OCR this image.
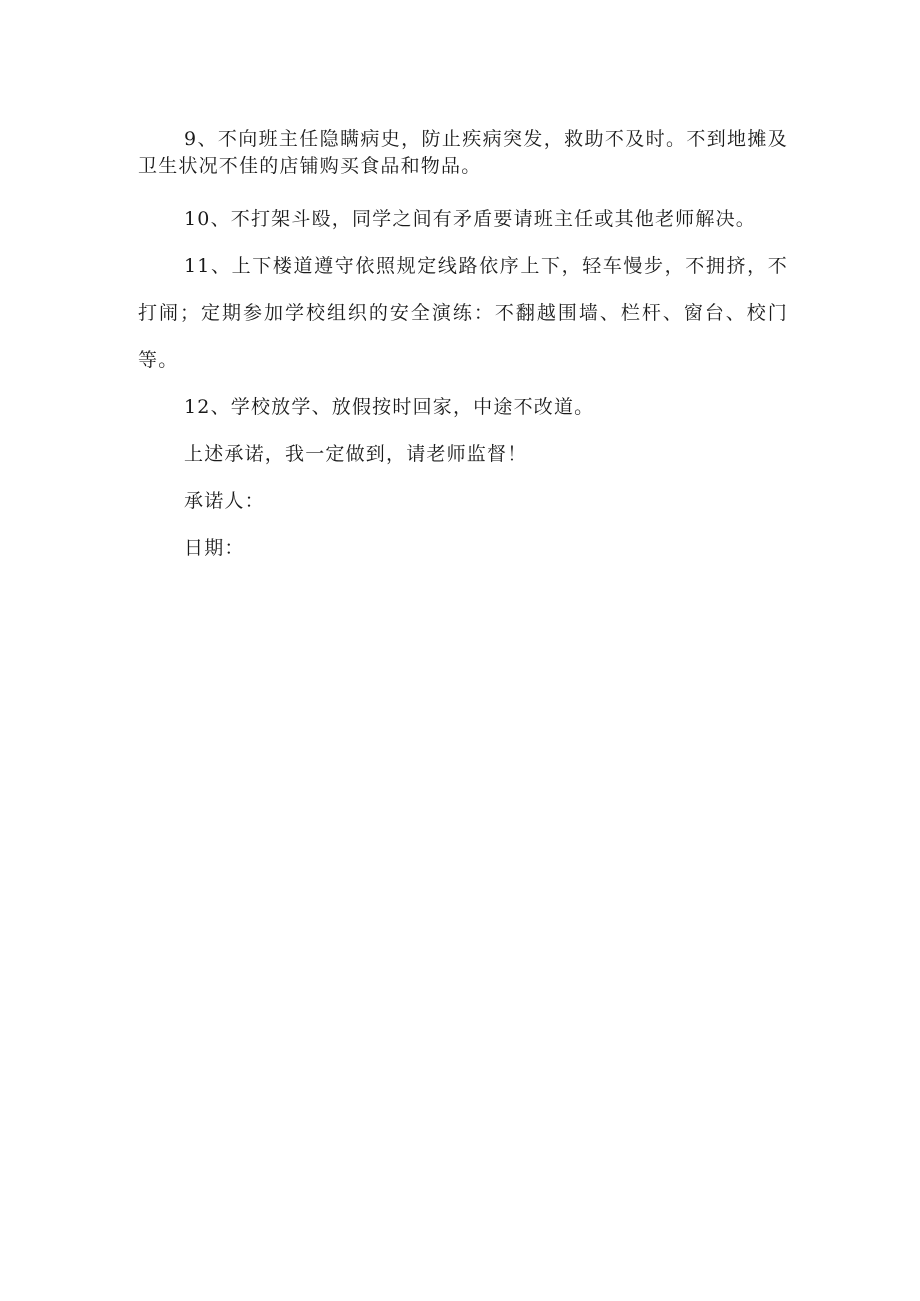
9、不向班主任隐瞒病史，防止疾病突发，救助不及时。不到地摊及卫生状况不佳的店铺购买食品和物品。

10、不打架斗殴，同学之间有矛盾要请班主任或其他老师解决。

11、上下楼道遵守依照规定线路依序上下，轻车慢步，不拥挤，不打闹；定期参加学校组织的安全演练：不翻越围墙、栏杆、窗台、校门等。

12、学校放学、放假按时回家，中途不改道。

上述承诺，我一定做到，请老师监督！

承诺人：

日期：
